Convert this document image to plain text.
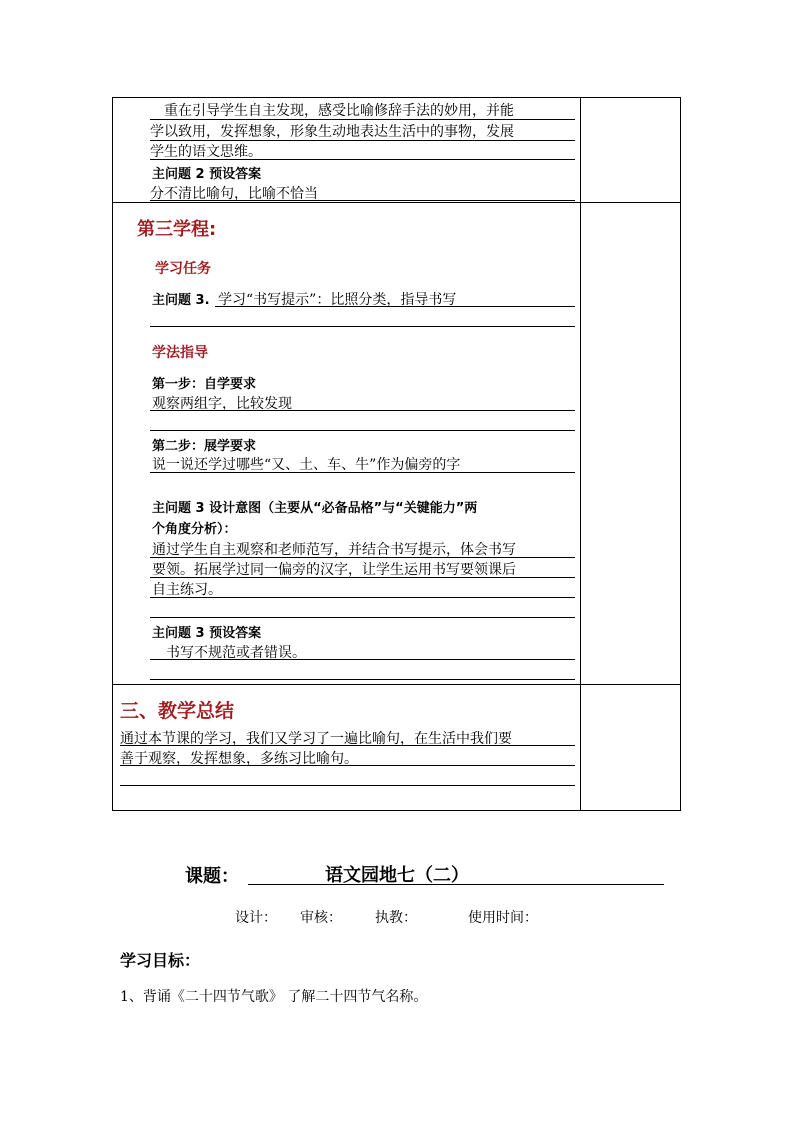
　重在引导学生自主发现，感受比喻修辞手法的妙用，并能
学以致用，发挥想象，形象生动地表达生活中的事物，发展
学生的语文思维。
主问题 2 预设答案
分不清比喻句，比喻不恰当
第三学程:
学习任务
主问题 3. 学习“书写提示”：比照分类，指导书写
学法指导
第一步：自学要求
观察两组字，比较发现
第二步：展学要求
说一说还学过哪些“又、土、车、牛”作为偏旁的字
主问题 3 设计意图（主要从“必备品格”与“关键能力”两
个角度分析）：
通过学生自主观察和老师范写，并结合书写提示，体会书写
要领。拓展学过同一偏旁的汉字，让学生运用书写要领课后
自主练习。
主问题 3 预设答案
　书写不规范或者错误。
三、教学总结
通过本节课的学习，我们又学习了一遍比喻句，在生活中我们要
善于观察，发挥想象，多练习比喻句。
课题：	语文园地七（二）
设计： 审核： 执教：	使用时间：
学习目标：
1、背诵《二十四节气歌》 了解二十四节气名称。
